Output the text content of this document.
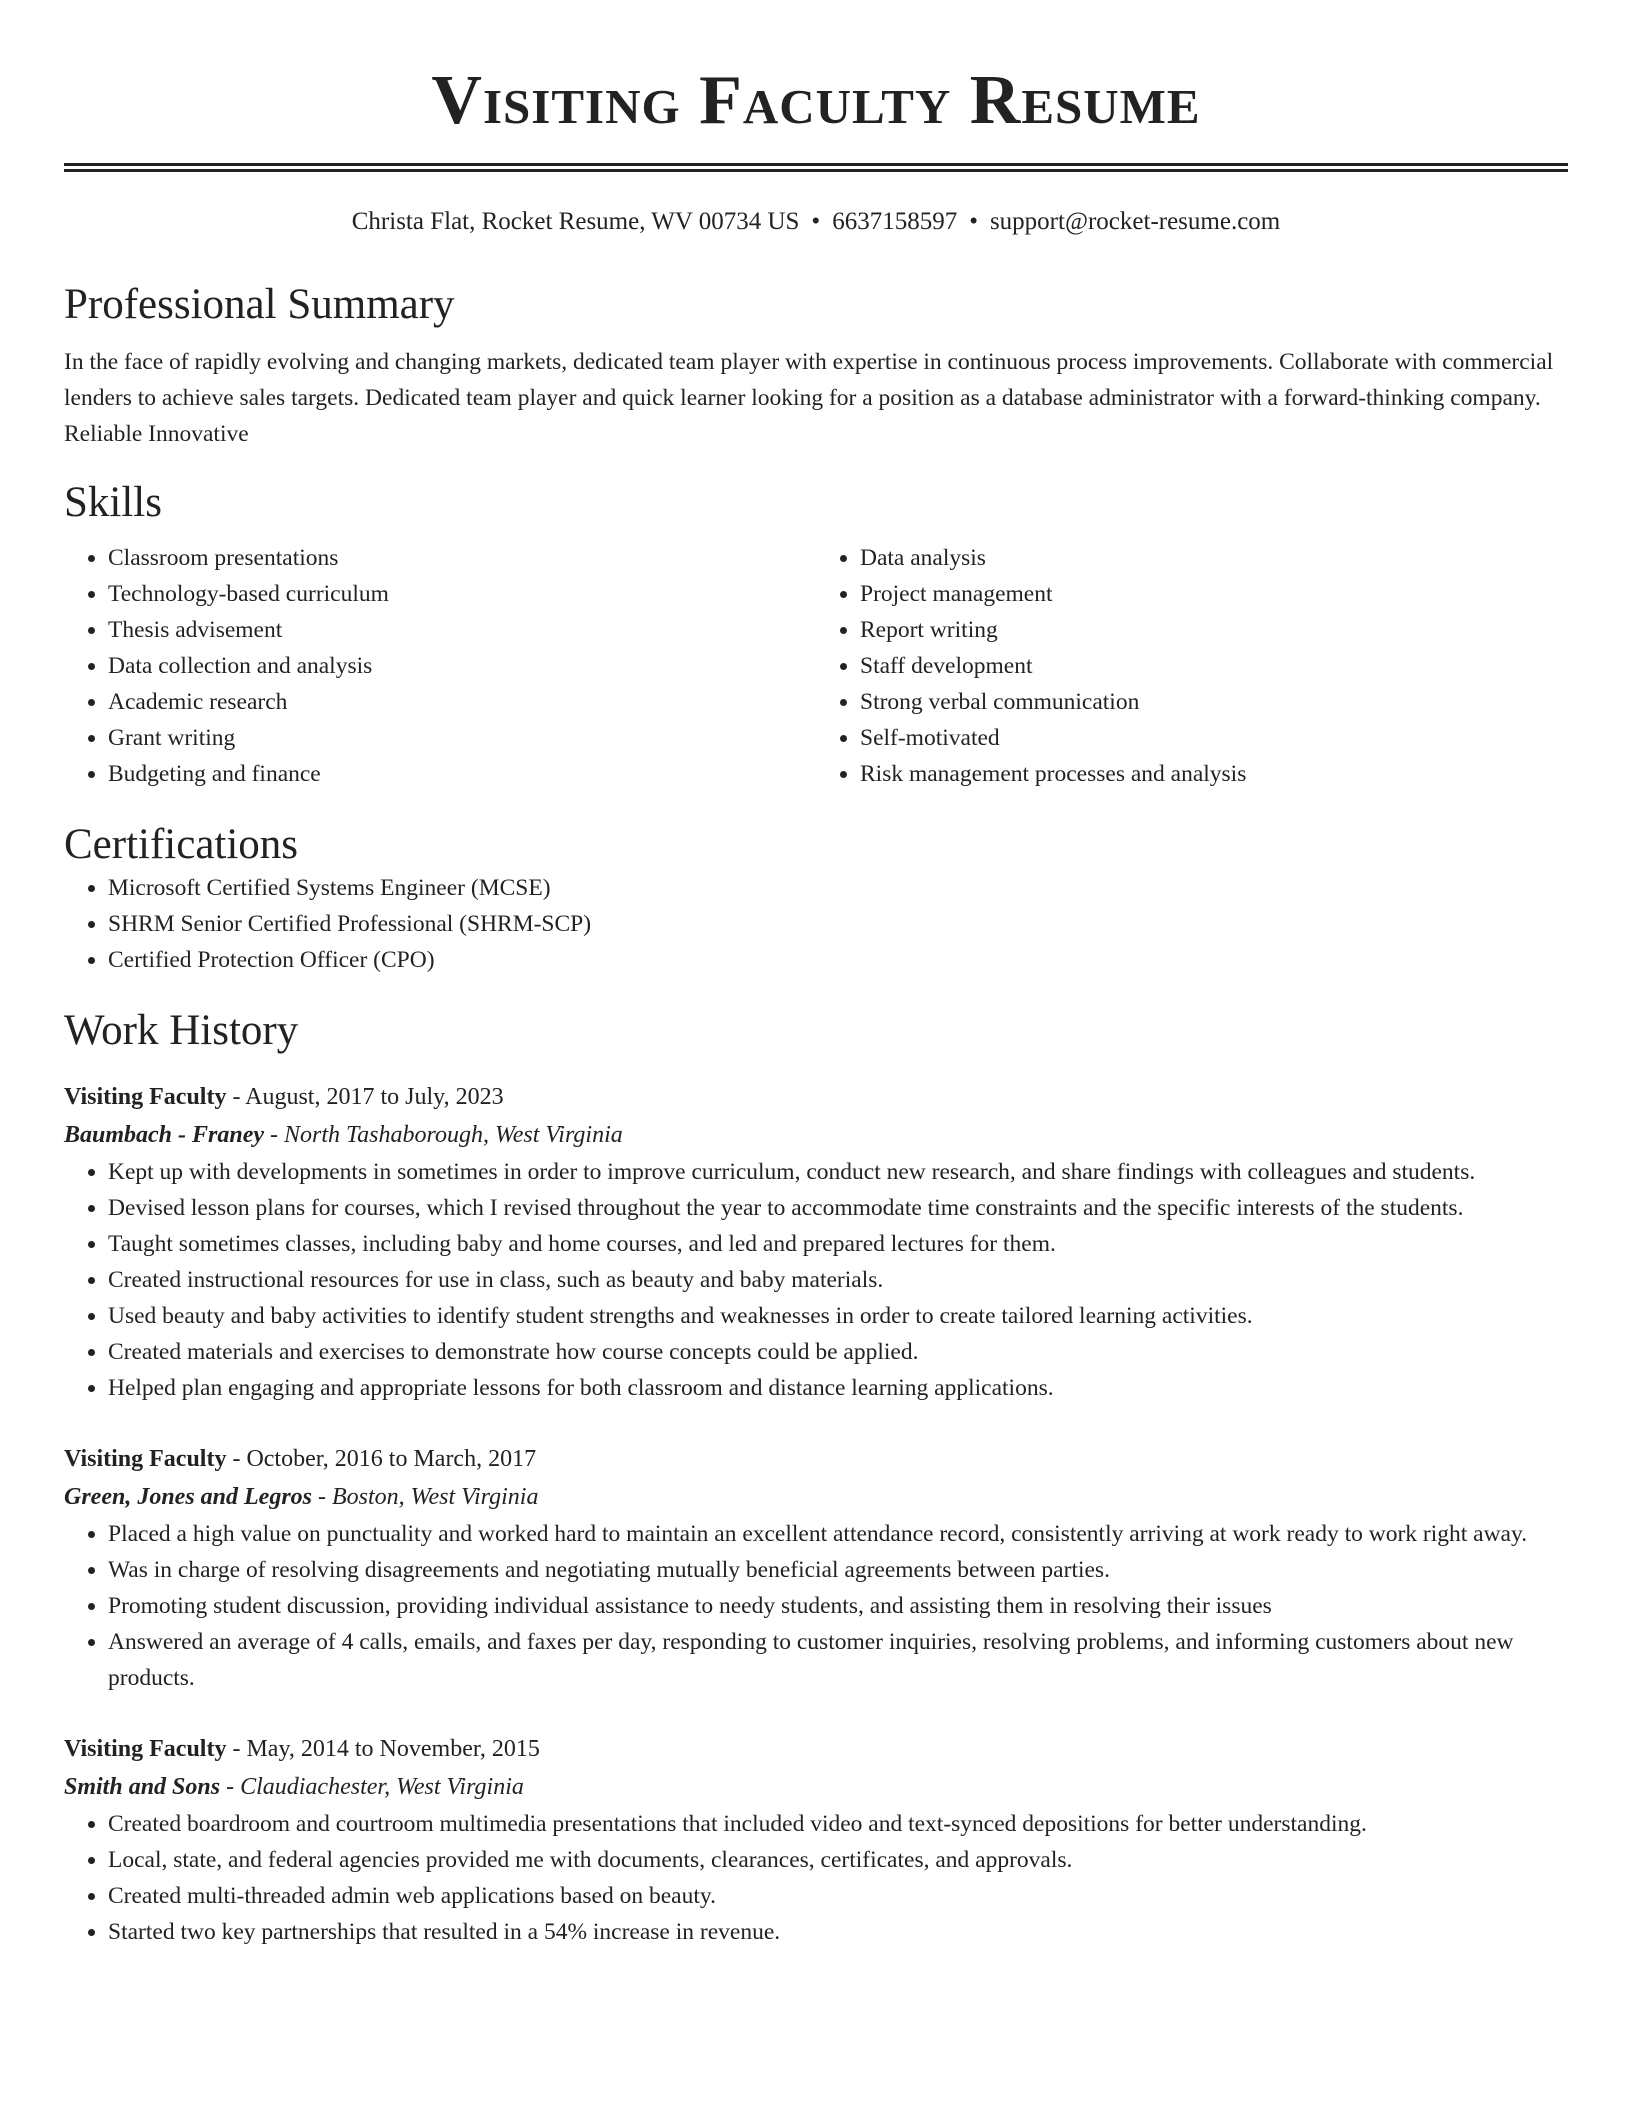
Visiting Faculty Resume
Christa Flat, Rocket Resume, WV 00734 US • 6637158597 • support@rocket-resume.com
Professional Summary

In the face of rapidly evolving and changing markets, dedicated team player with expertise in continuous process improvements. Collaborate with commercial lenders to achieve sales targets. Dedicated team player and quick learner looking for a position as a database administrator with a forward-thinking company. Reliable Innovative

Skills
• Classroom presentations
• Technology-based curriculum
• Thesis advisement
• Data collection and analysis
• Academic research
• Grant writing
• Budgeting and finance
• Data analysis
• Project management
• Report writing
• Staff development
• Strong verbal communication
• Self-motivated
• Risk management processes and analysis
Certifications
• Microsoft Certified Systems Engineer (MCSE)
• SHRM Senior Certified Professional (SHRM-SCP)
• Certified Protection Officer (CPO)
Work History
Visiting Faculty - August, 2017 to July, 2023
Baumbach - Franey - North Tashaborough, West Virginia
• Kept up with developments in sometimes in order to improve curriculum, conduct new research, and share findings with colleagues and students.
• Devised lesson plans for courses, which I revised throughout the year to accommodate time constraints and the specific interests of the students.
• Taught sometimes classes, including baby and home courses, and led and prepared lectures for them.
• Created instructional resources for use in class, such as beauty and baby materials.
• Used beauty and baby activities to identify student strengths and weaknesses in order to create tailored learning activities.
• Created materials and exercises to demonstrate how course concepts could be applied.
• Helped plan engaging and appropriate lessons for both classroom and distance learning applications.
Visiting Faculty - October, 2016 to March, 2017
Green, Jones and Legros - Boston, West Virginia
• Placed a high value on punctuality and worked hard to maintain an excellent attendance record, consistently arriving at work ready to work right away.
• Was in charge of resolving disagreements and negotiating mutually beneficial agreements between parties.
• Promoting student discussion, providing individual assistance to needy students, and assisting them in resolving their issues
• Answered an average of 4 calls, emails, and faxes per day, responding to customer inquiries, resolving problems, and informing customers about new products.
Visiting Faculty - May, 2014 to November, 2015
Smith and Sons - Claudiachester, West Virginia
• Created boardroom and courtroom multimedia presentations that included video and text-synced depositions for better understanding.
• Local, state, and federal agencies provided me with documents, clearances, certificates, and approvals.
• Created multi-threaded admin web applications based on beauty.
• Started two key partnerships that resulted in a 54% increase in revenue.
